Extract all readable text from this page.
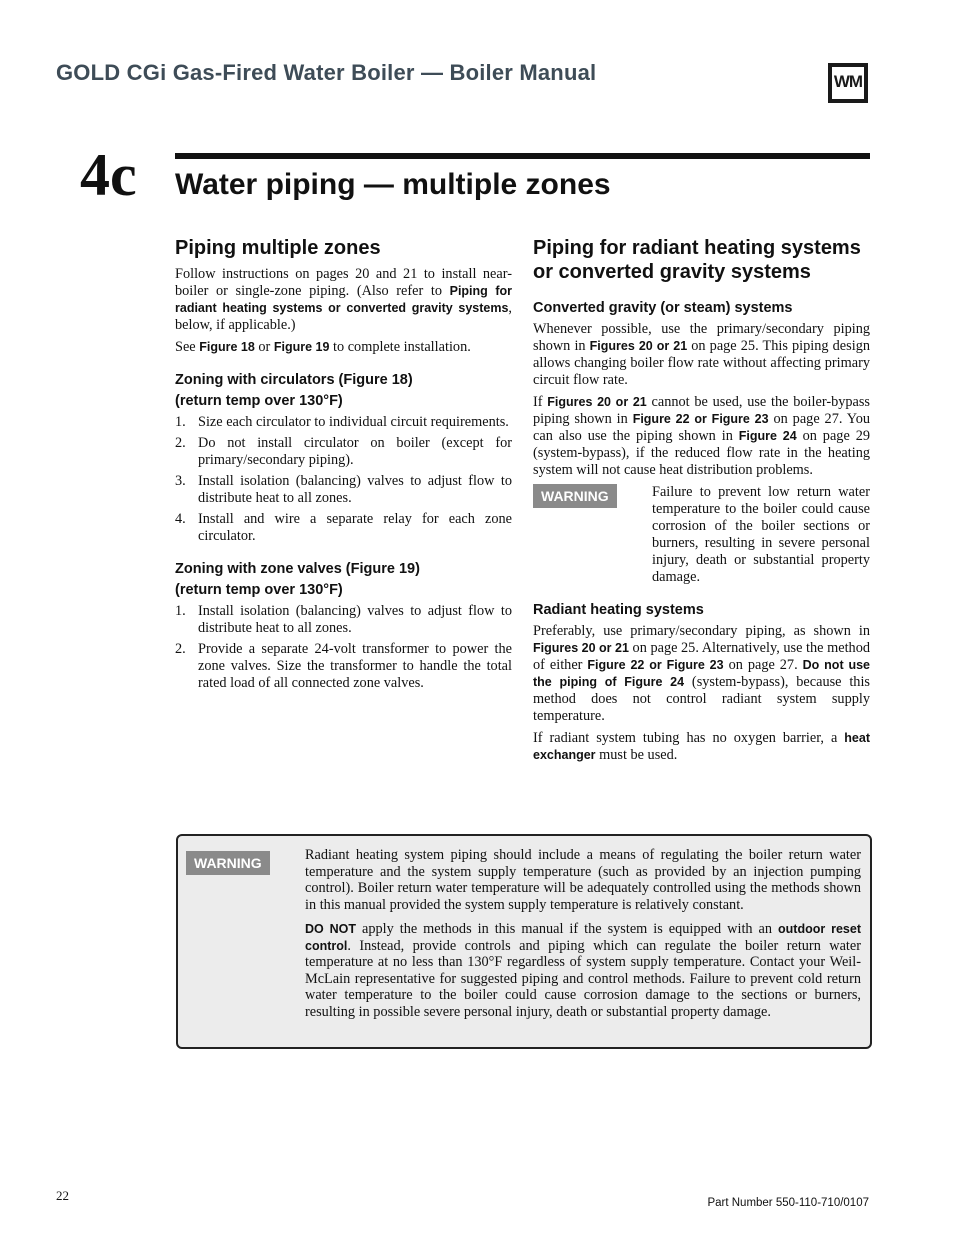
GOLD CGi Gas-Fired Water Boiler — Boiler Manual	WM
4c Water piping — multiple zones
Piping multiple zones

Follow instructions on pages 20 and 21 to install near-boiler or single-zone piping. (Also refer to Piping for radiant heating systems or converted gravity systems, below, if applicable.)

See Figure 18 or Figure 19 to complete installation.

Zoning with circulators (Figure 18)
(return temp over 130°F)
1. Size each circulator to individual circuit requirements.
2. Do not install circulator on boiler (except for primary/secondary piping).
3. Install isolation (balancing) valves to adjust flow to distribute heat to all zones.
4. Install and wire a separate relay for each zone circulator.
Zoning with zone valves (Figure 19)
(return temp over 130°F)
1. Install isolation (balancing) valves to adjust flow to distribute heat to all zones.
2. Provide a separate 24-volt transformer to power the zone valves. Size the transformer to handle the total rated load of all connected zone valves.
Piping for radiant heating systems or converted gravity systems
Converted gravity (or steam) systems

Whenever possible, use the primary/secondary piping shown in Figures 20 or 21 on page 25. This piping design allows changing boiler flow rate without affecting primary circuit flow rate.

If Figures 20 or 21 cannot be used, use the boiler-bypass piping shown in Figure 22 or Figure 23 on page 27. You can also use the piping shown in Figure 24 on page 29 (system-bypass), if the reduced flow rate in the heating system will not cause heat distribution problems.

WARNING	Failure to prevent low return water temperature to the boiler could cause corrosion of the boiler sections or burners, resulting in severe personal injury, death or substantial property damage.
Radiant heating systems

Preferably, use primary/secondary piping, as shown in Figures 20 or 21 on page 25. Alternatively, use the method of either Figure 22 or Figure 23 on page 27. Do not use the piping of Figure 24 (system-bypass), because this method does not control radiant system supply temperature.

If radiant system tubing has no oxygen barrier, a heat exchanger must be used.

WARNING	Radiant heating system piping should include a means of regulating the boiler return water temperature and the system supply temperature (such as provided by an injection pumping control). Boiler return water temperature will be adequately controlled using the methods shown in this manual provided the system supply temperature is relatively constant.

DO NOT apply the methods in this manual if the system is equipped with an outdoor reset control. Instead, provide controls and piping which can regulate the boiler return water temperature at no less than 130°F regardless of system supply temperature. Contact your Weil-McLain representative for suggested piping and control methods. Failure to prevent cold return water temperature to the boiler could cause corrosion damage to the sections or burners, resulting in possible severe personal injury, death or substantial property damage.

22	Part Number 550-110-710/0107
